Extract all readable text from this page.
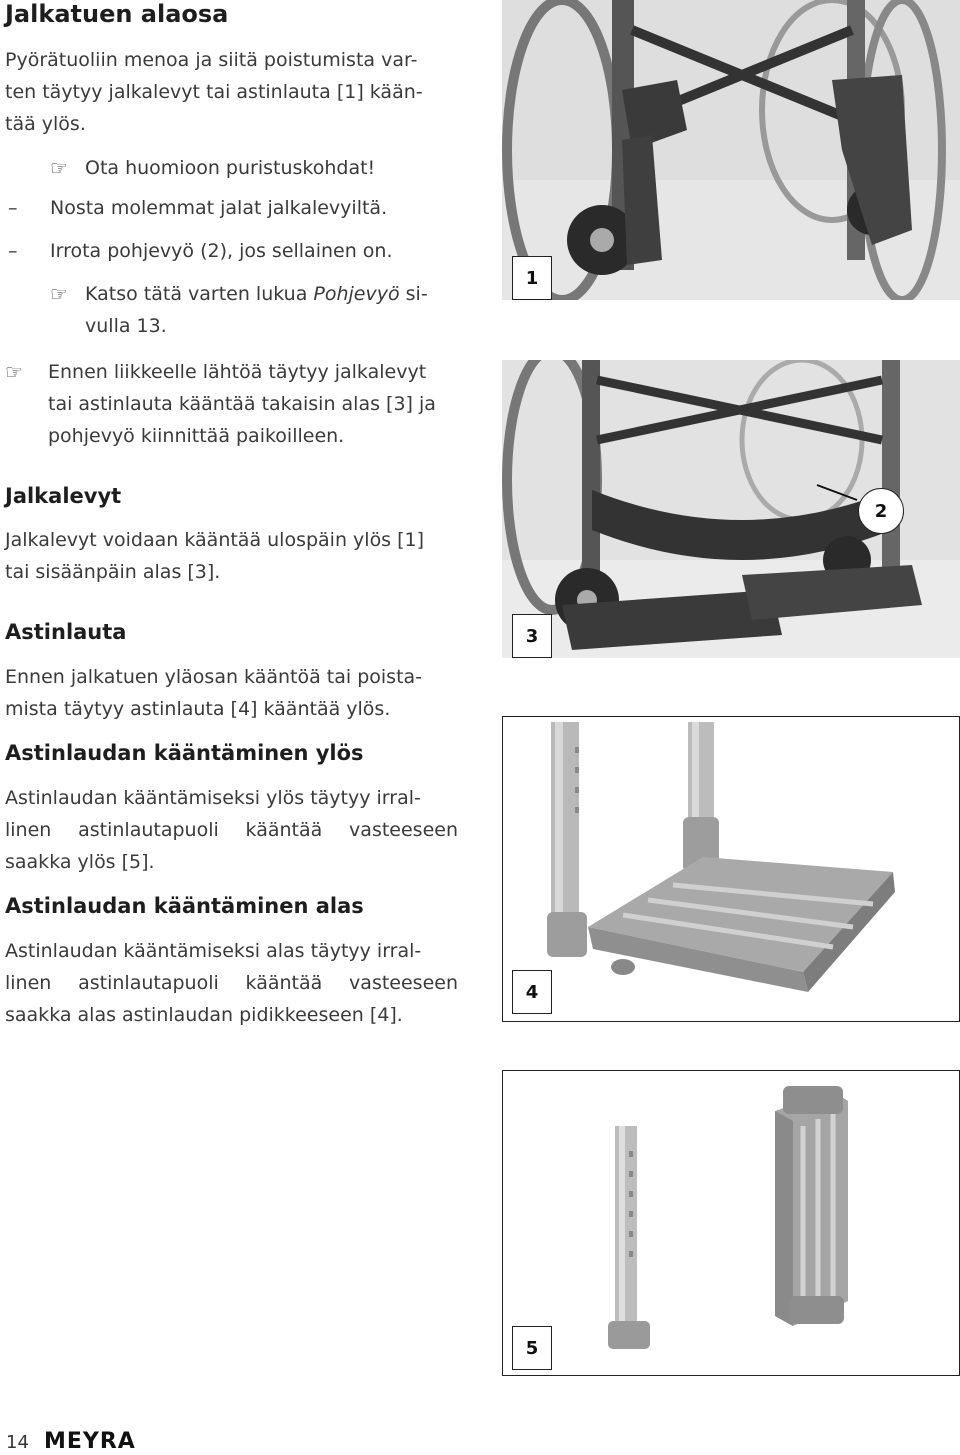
Jalkatuen alaosa
Pyörätuoliin menoa ja siitä poistumista var-
ten täytyy jalkalevyt tai astinlauta [1] kään-
tää ylös.
☞ Ota huomioon puristuskohdat!
– Nosta molemmat jalat jalkalevyiltä.
– Irrota pohjevyö (2), jos sellainen on.
☞ Katso tätä varten lukua Pohjevyö si-
vulla 13.
☞ Ennen liikkeelle lähtöä täytyy jalkalevyt
tai astinlauta kääntää takaisin alas [3] ja
pohjevyö kiinnittää paikoilleen.
Jalkalevyt
Jalkalevyt voidaan kääntää ulospäin ylös [1]
tai sisäänpäin alas [3].
Astinlauta
Ennen jalkatuen yläosan kääntöä tai poista-
mista täytyy astinlauta [4] kääntää ylös.
Astinlaudan kääntäminen ylös
Astinlaudan kääntämiseksi ylös täytyy irral-
linen astinlautapuoli kääntää vasteeseen
saakka ylös [5].
Astinlaudan kääntäminen alas
Astinlaudan kääntämiseksi alas täytyy irral-
linen astinlautapuoli kääntää vasteeseen
saakka alas astinlaudan pidikkeeseen [4].
1
2
3
4
5
14 MEYRA
